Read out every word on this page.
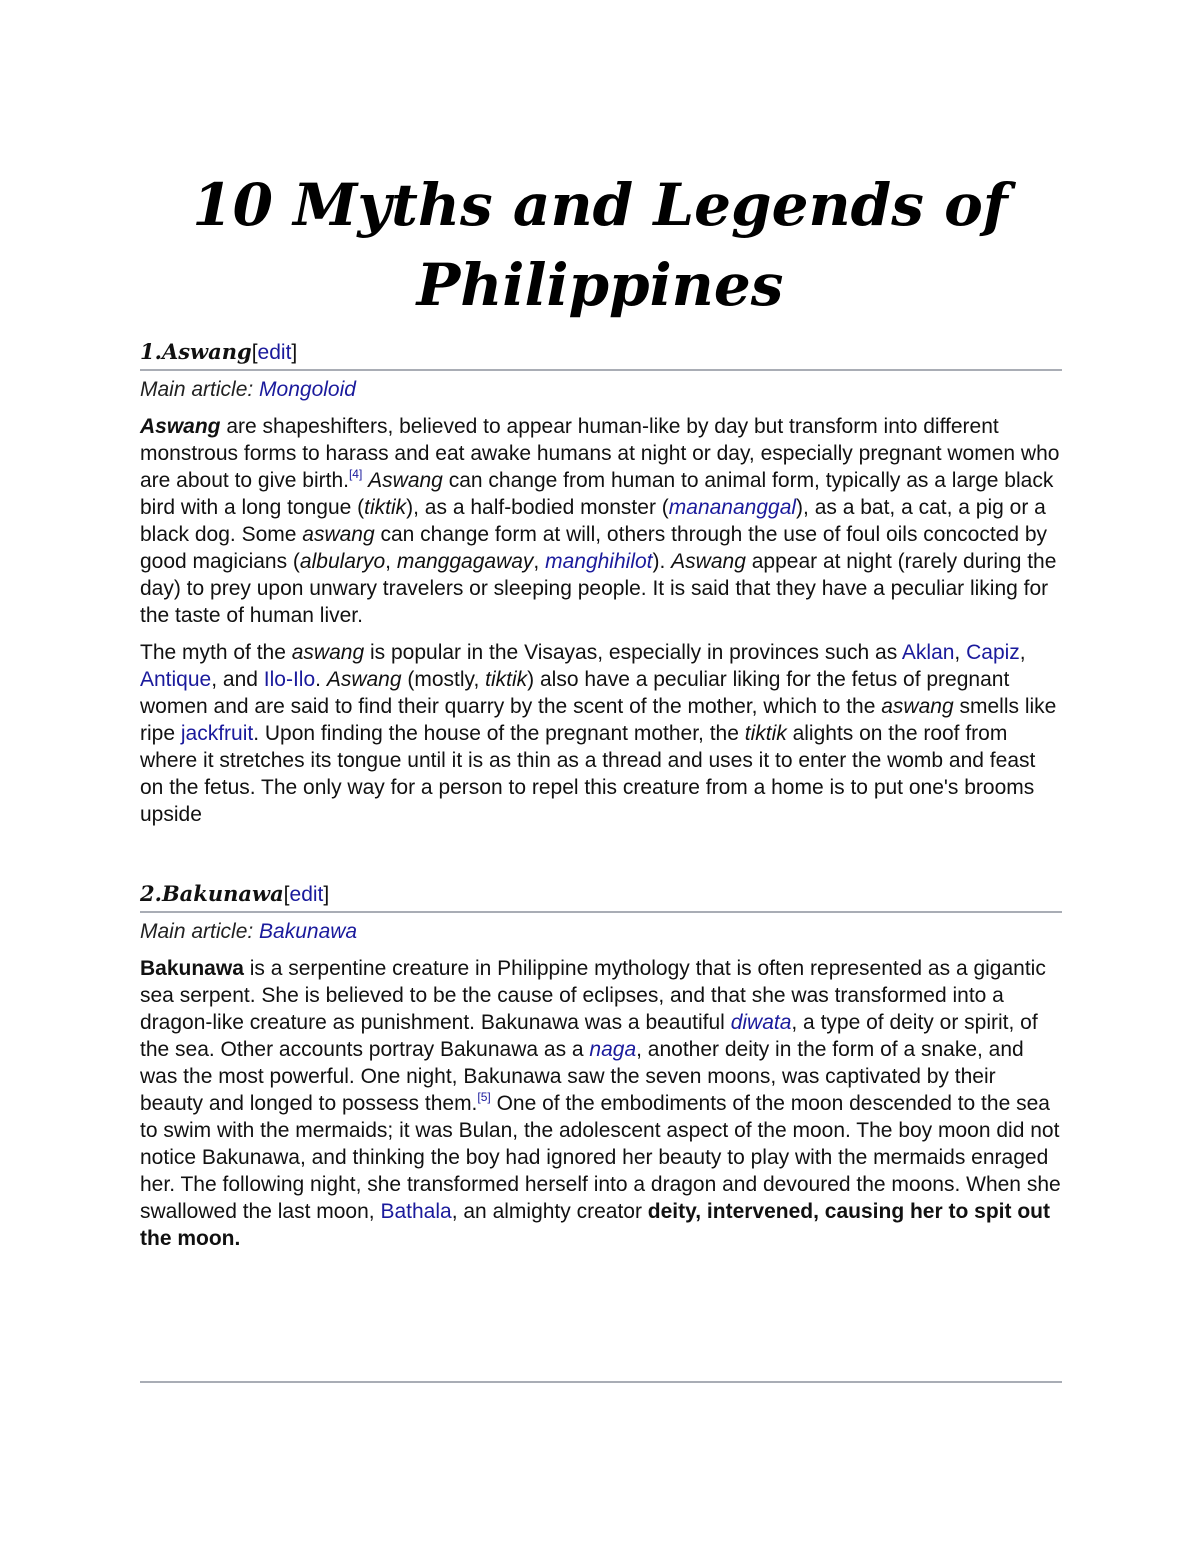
10 Myths and Legends of Philippines
1.Aswang[edit]
Main article: Mongoloid

Aswang are shapeshifters, believed to appear human-like by day but transform into different monstrous forms to harass and eat awake humans at night or day, especially pregnant women who are about to give birth.[4] Aswang can change from human to animal form, typically as a large black bird with a long tongue (tiktik), as a half-bodied monster (manananggal), as a bat, a cat, a pig or a black dog. Some aswang can change form at will, others through the use of foul oils concocted by good magicians (albularyo, manggagaway, manghihilot). Aswang appear at night (rarely during the day) to prey upon unwary travelers or sleeping people. It is said that they have a peculiar liking for the taste of human liver.

The myth of the aswang is popular in the Visayas, especially in provinces such as Aklan, Capiz, Antique, and Ilo-Ilo. Aswang (mostly, tiktik) also have a peculiar liking for the fetus of pregnant women and are said to find their quarry by the scent of the mother, which to the aswang smells like ripe jackfruit. Upon finding the house of the pregnant mother, the tiktik alights on the roof from where it stretches its tongue until it is as thin as a thread and uses it to enter the womb and feast on the fetus. The only way for a person to repel this creature from a home is to put one's brooms upside

2.Bakunawa[edit]
Main article: Bakunawa

Bakunawa is a serpentine creature in Philippine mythology that is often represented as a gigantic sea serpent. She is believed to be the cause of eclipses, and that she was transformed into a dragon-like creature as punishment. Bakunawa was a beautiful diwata, a type of deity or spirit, of the sea. Other accounts portray Bakunawa as a naga, another deity in the form of a snake, and was the most powerful. One night, Bakunawa saw the seven moons, was captivated by their beauty and longed to possess them.[5] One of the embodiments of the moon descended to the sea to swim with the mermaids; it was Bulan, the adolescent aspect of the moon. The boy moon did not notice Bakunawa, and thinking the boy had ignored her beauty to play with the mermaids enraged her. The following night, she transformed herself into a dragon and devoured the moons. When she swallowed the last moon, Bathala, an almighty creator deity, intervened, causing her to spit out the moon.
